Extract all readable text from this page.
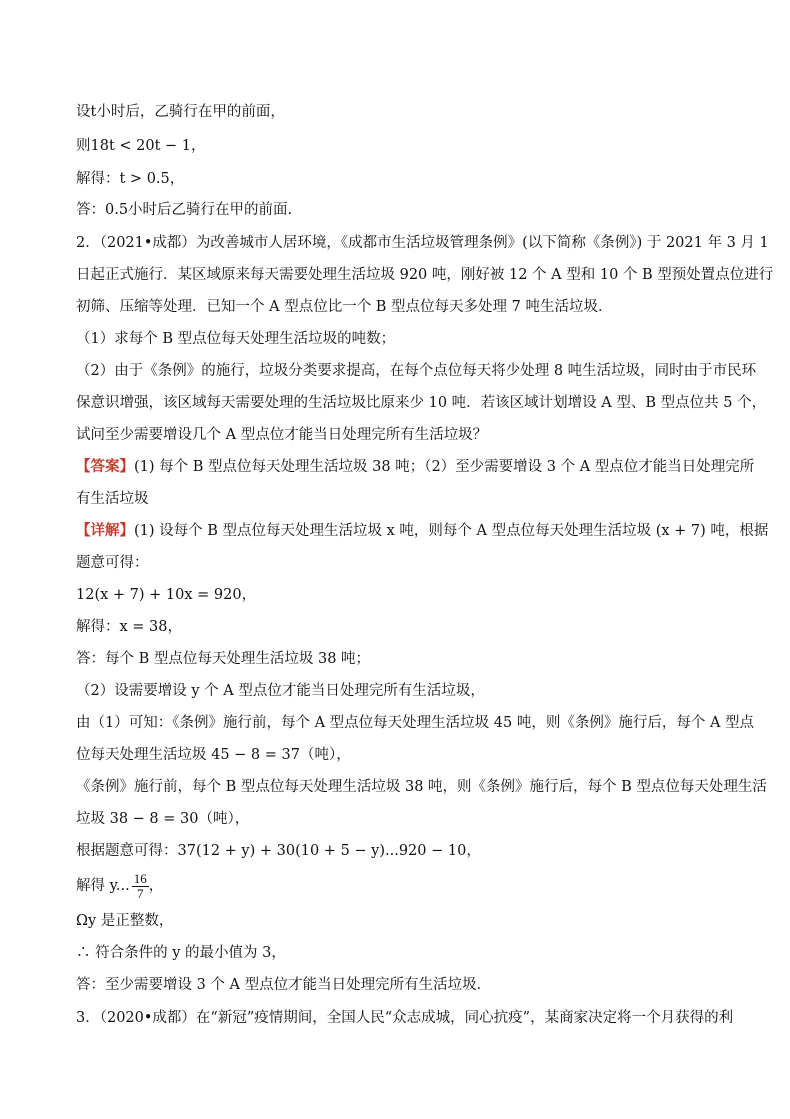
设t小时后，乙骑行在甲的前面，
则18t < 20t − 1，
解得：t > 0.5，
答：0.5小时后乙骑行在甲的前面.
2．（2021•成都）为改善城市人居环境，《成都市生活垃圾管理条例》(以下简称《条例》) 于 2021 年 3 月 1
日起正式施行．某区域原来每天需要处理生活垃圾 920 吨，刚好被 12 个 A 型和 10 个 B 型预处置点位进行
初筛、压缩等处理．已知一个 A 型点位比一个 B 型点位每天多处理 7 吨生活垃圾．
（1）求每个 B 型点位每天处理生活垃圾的吨数；
（2）由于《条例》的施行，垃圾分类要求提高，在每个点位每天将少处理 8 吨生活垃圾，同时由于市民环
保意识增强，该区域每天需要处理的生活垃圾比原来少 10 吨．若该区域计划增设 A 型、B 型点位共 5 个，
试问至少需要增设几个 A 型点位才能当日处理完所有生活垃圾？
【答案】(1) 每个 B 型点位每天处理生活垃圾 38 吨；（2）至少需要增设 3 个 A 型点位才能当日处理完所
有生活垃圾
【详解】(1) 设每个 B 型点位每天处理生活垃圾 x 吨，则每个 A 型点位每天处理生活垃圾 (x + 7) 吨，根据
题意可得：
12(x + 7) + 10x = 920，
解得：x = 38，
答：每个 B 型点位每天处理生活垃圾 38 吨；
（2）设需要增设 y 个 A 型点位才能当日处理完所有生活垃圾，
由（1）可知：《条例》施行前，每个 A 型点位每天处理生活垃圾 45 吨，则《条例》施行后，每个 A 型点
位每天处理生活垃圾 45 − 8 = 37（吨），
《条例》施行前，每个 B 型点位每天处理生活垃圾 38 吨，则《条例》施行后，每个 B 型点位每天处理生活
垃圾 38 − 8 = 30（吨），
根据题意可得：37(12 + y) + 30(10 + 5 − y)...920 − 10，
解得 y... $\frac{16}{7}$ ，
Ωy 是正整数，
∴ 符合条件的 y 的最小值为 3，
答：至少需要增设 3 个 A 型点位才能当日处理完所有生活垃圾．
3．（2020•成都）在“新冠”疫情期间，全国人民“众志成城，同心抗疫”，某商家决定将一个月获得的利
